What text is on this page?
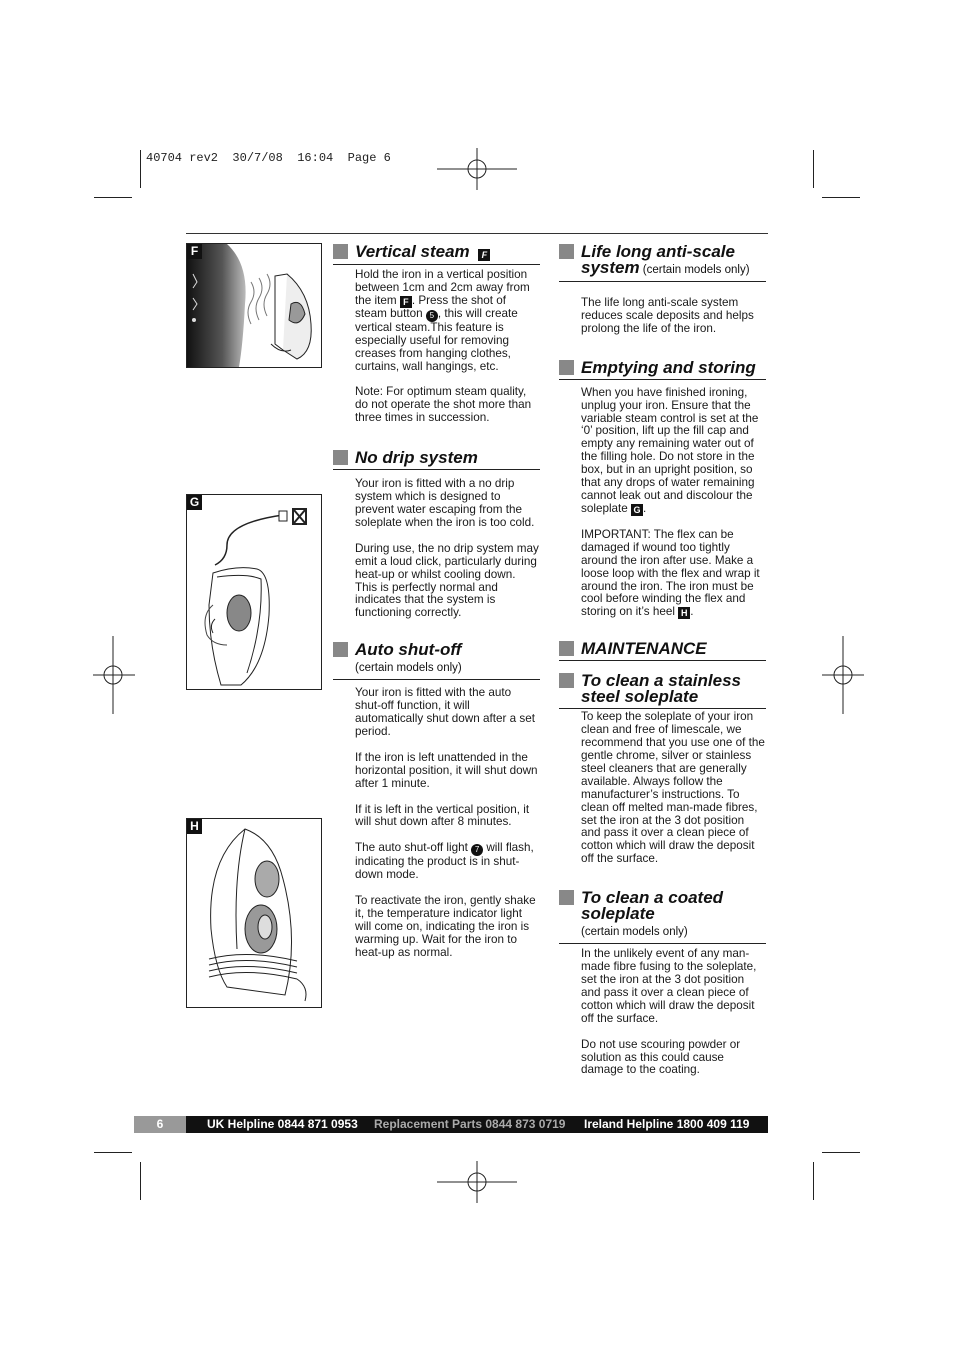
40704 rev2  30/7/08  16:04  Page 6
F
G
H
Vertical steam F

Hold the iron in a vertical position between 1cm and 2cm away from the item F . Press the shot of steam button 5 , this will create vertical steam.This feature is especially useful for removing creases from hanging clothes, curtains, wall hangings, etc.

Note: For optimum steam quality, do not operate the shot more than three times in succession.

No drip system

Your iron is fitted with a no drip system which is designed to prevent water escaping from the soleplate when the iron is too cold.

During use, the no drip system may emit a loud click, particularly during heat-up or whilst cooling down. This is perfectly normal and indicates that the system is functioning correctly.

Auto shut-off
(certain models only)

Your iron is fitted with the auto shut-off function, it will automatically shut down after a set period.

If the iron is left unattended in the horizontal position, it will shut down after 1 minute.

If it is left in the vertical position, it will shut down after 8 minutes.

The auto shut-off light 7 will flash, indicating the product is in shut-down mode.

To reactivate the iron, gently shake it, the temperature indicator light will come on, indicating the iron is warming up. Wait for the iron to heat-up as normal.

Life long anti-scale
system (certain models only)

The life long anti-scale system reduces scale deposits and helps prolong the life of the iron.

Emptying and storing

When you have finished ironing, unplug your iron. Ensure that the variable steam control is set at the ‘0’ position, lift up the fill cap and empty any remaining water out of the filling hole. Do not store in the box, but in an upright position, so that any drops of water remaining cannot leak out and discolour the soleplate G .

IMPORTANT: The flex can be damaged if wound too tightly around the iron after use. Make a loose loop with the flex and wrap it around the iron. The iron must be cool before winding the flex and storing on it’s heel H .

MAINTENANCE
To clean a stainless
steel soleplate

To keep the soleplate of your iron clean and free of limescale, we recommend that you use one of the gentle chrome, silver or stainless steel cleaners that are generally available. Always follow the manufacturer’s instructions. To clean off melted man-made fibres, set the iron at the 3 dot position and pass it over a clean piece of cotton which will draw the deposit off the surface.

To clean a coated
soleplate
(certain models only)

In the unlikely event of any man-made fibre fusing to the soleplate, set the iron at the 3 dot position and pass it over a clean piece of cotton which will draw the deposit off the surface.

Do not use scouring powder or solution as this could cause damage to the coating.

6	UK Helpline 0844 871 0953 Replacement Parts 0844 873 0719 Ireland Helpline 1800 409 119
